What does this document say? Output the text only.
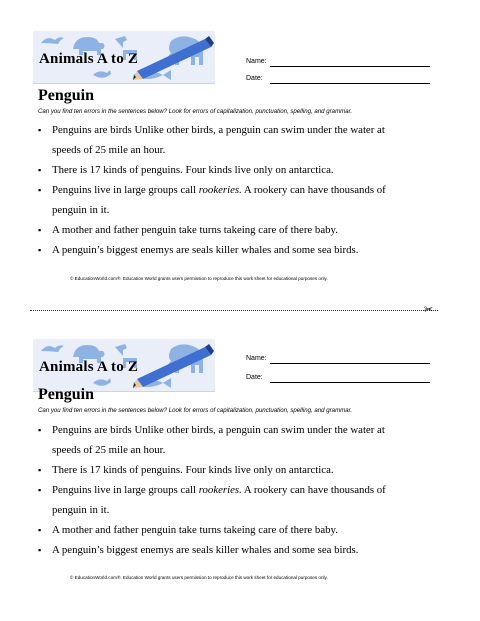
Animals A to Z	Name:
Date:
Penguin
Can you find ten errors in the sentences below? Look for errors of capitalization, punctuation, spelling, and grammar.
▪ Penguins are birds Unlike other birds, a penguin can swim under the water at
speeds of 25 mile an hour.
▪ There is 17 kinds of penguins. Four kinds live only on antarctica.
▪ Penguins live in large groups call rookeries. A rookery can have thousands of
penguin in it.
▪ A mother and father penguin take turns takeing care of there baby.
▪ A penguin’s biggest enemys are seals killer whales and some sea birds.
© EducationWorld.com®. Education World grants users permission to reproduce this work sheet for educational purposes only.
✂
Animals A to Z
Name:
Date:
Penguin
Can you find ten errors in the sentences below? Look for errors of capitalization, punctuation, spelling, and grammar.
▪ Penguins are birds Unlike other birds, a penguin can swim under the water at
speeds of 25 mile an hour.
▪ There is 17 kinds of penguins. Four kinds live only on antarctica.
▪ Penguins live in large groups call rookeries. A rookery can have thousands of
penguin in it.
▪ A mother and father penguin take turns takeing care of there baby.
▪ A penguin’s biggest enemys are seals killer whales and some sea birds.
© EducationWorld.com®. Education World grants users permission to reproduce this work sheet for educational purposes only.
